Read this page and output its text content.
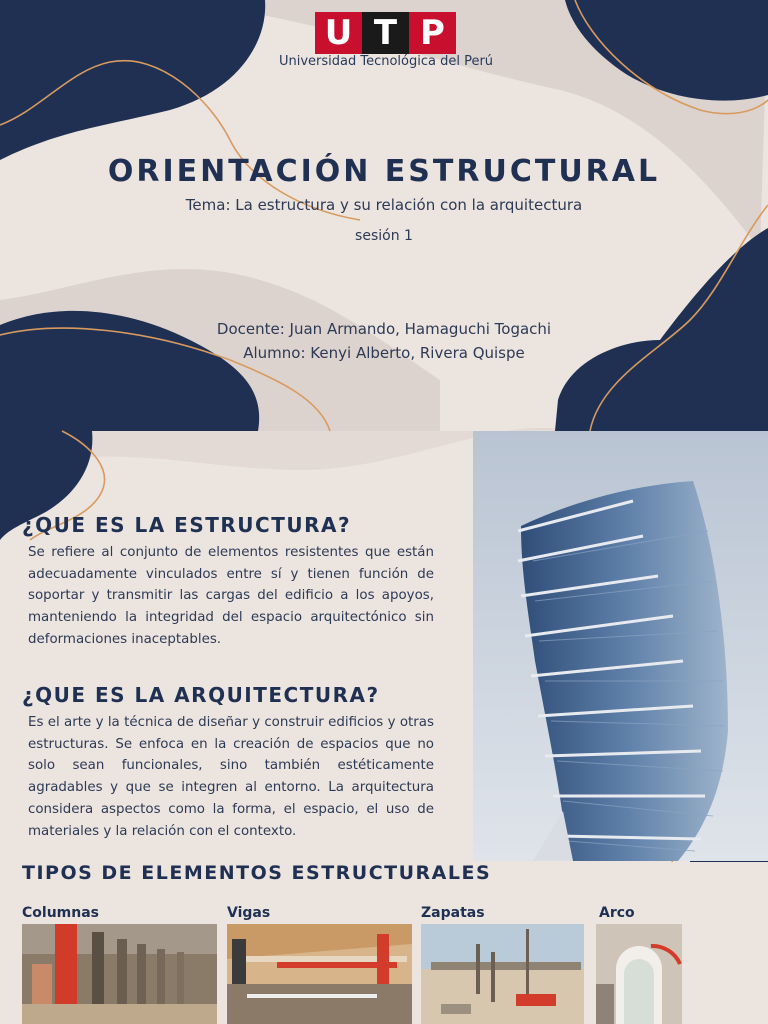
U T P
Universidad Tecnológica del Perú
ORIENTACIÓN ESTRUCTURAL
Tema: La estructura y su relación con la arquitectura
sesión 1
Docente: Juan Armando, Hamaguchi Togachi
Alumno: Kenyi Alberto, Rivera Quispe
¿QUE ES LA ESTRUCTURA?
Se refiere al conjunto de elementos resistentes que están adecuadamente vinculados entre sí y tienen función de soportar y transmitir las cargas del edificio a los apoyos, manteniendo la integridad del espacio arquitectónico sin deformaciones inaceptables.
¿QUE ES LA ARQUITECTURA?
Es el arte y la técnica de diseñar y construir edificios y otras estructuras. Se enfoca en la creación de espacios que no solo sean funcionales, sino también estéticamente agradables y que se integren al entorno. La arquitectura considera aspectos como la forma, el espacio, el uso de materiales y la relación con el contexto.
TIPOS DE ELEMENTOS ESTRUCTURALES
Columnas	Vigas	Zapatas	Arco
